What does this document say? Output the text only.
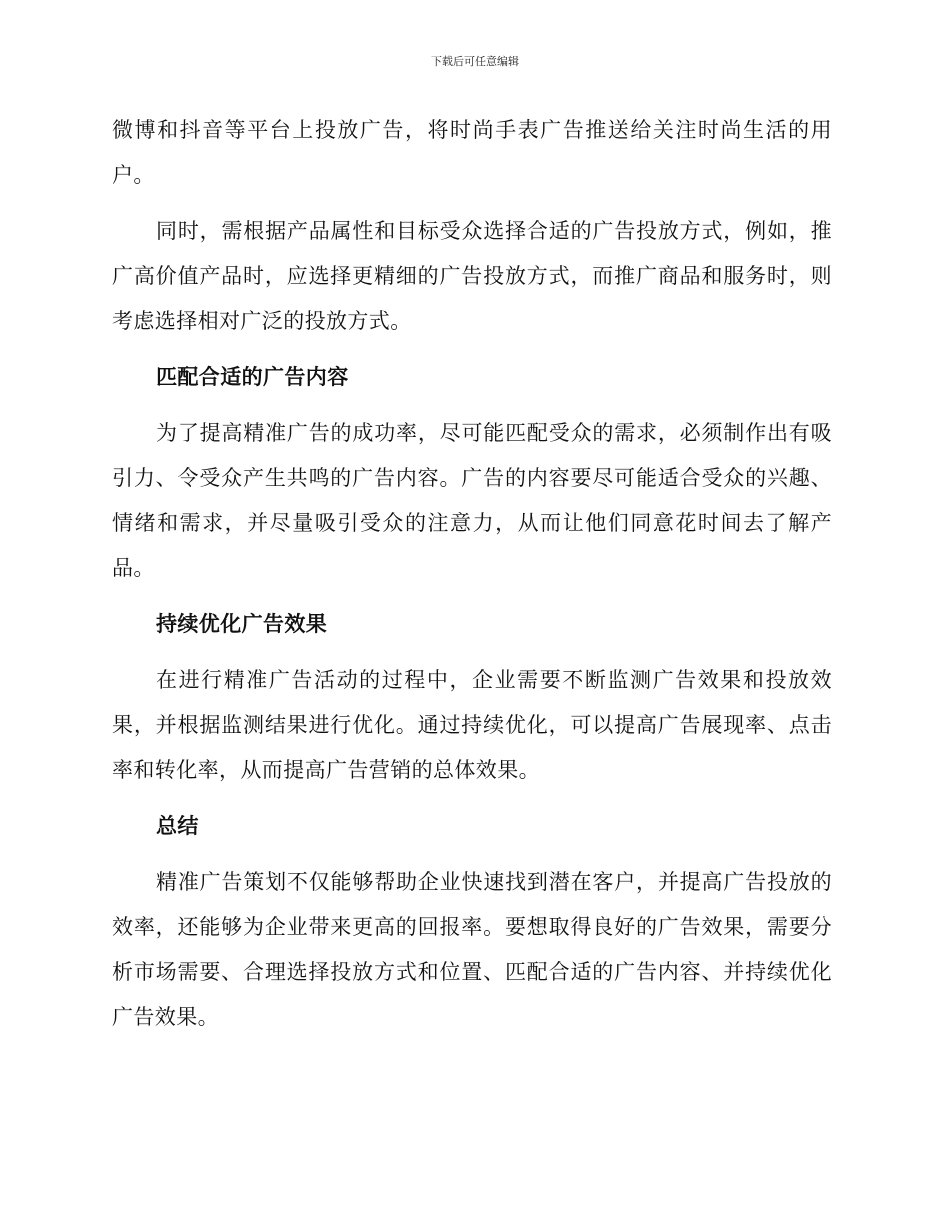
下载后可任意编辑

微博和抖音等平台上投放广告，将时尚手表广告推送给关注时尚生活的用户。

同时，需根据产品属性和目标受众选择合适的广告投放方式，例如，推广高价值产品时，应选择更精细的广告投放方式，而推广商品和服务时，则考虑选择相对广泛的投放方式。

匹配合适的广告内容

为了提高精准广告的成功率，尽可能匹配受众的需求，必须制作出有吸引力、令受众产生共鸣的广告内容。广告的内容要尽可能适合受众的兴趣、情绪和需求，并尽量吸引受众的注意力，从而让他们同意花时间去了解产品。

持续优化广告效果

在进行精准广告活动的过程中，企业需要不断监测广告效果和投放效果，并根据监测结果进行优化。通过持续优化，可以提高广告展现率、点击率和转化率，从而提高广告营销的总体效果。

总结

精准广告策划不仅能够帮助企业快速找到潜在客户，并提高广告投放的效率，还能够为企业带来更高的回报率。要想取得良好的广告效果，需要分析市场需要、合理选择投放方式和位置、匹配合适的广告内容、并持续优化广告效果。
